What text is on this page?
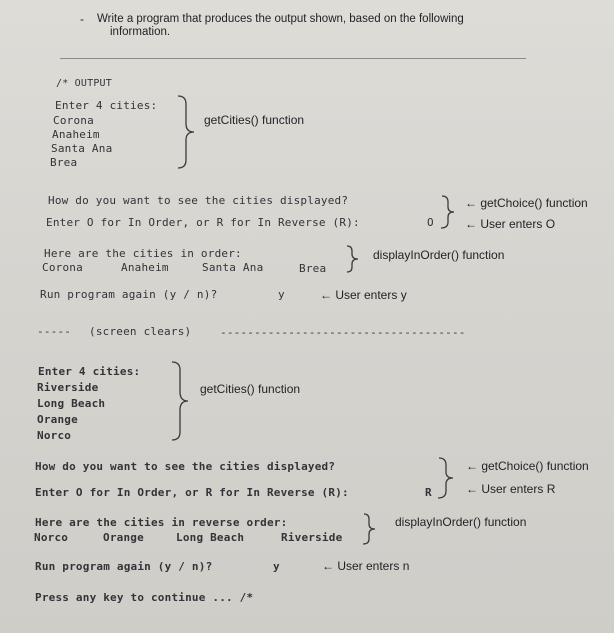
- Write a program that produces the output shown, based on the following
information.
/* OUTPUT
Enter 4 cities:
Corona
Anaheim
Santa Ana
Brea
getCities() function
How do you want to see the cities displayed?
Enter O for In Order, or R for In Reverse (R):	O
← getChoice() function
← User enters O
Here are the cities in order:
Corona	Anaheim	Santa Ana	Brea
displayInOrder() function
Run program again (y / n)?	y	← User enters y
----- (screen clears)	------------------------------------
Enter 4 cities:
Riverside
Long Beach
Orange
Norco
getCities() function
How do you want to see the cities displayed?
Enter O for In Order, or R for In Reverse (R):	R
← getChoice() function
← User enters R
Here are the cities in reverse order:
Norco	Orange	Long Beach	Riverside
displayInOrder() function
Run program again (y / n)?	y	← User enters n
Press any key to continue ... /*
